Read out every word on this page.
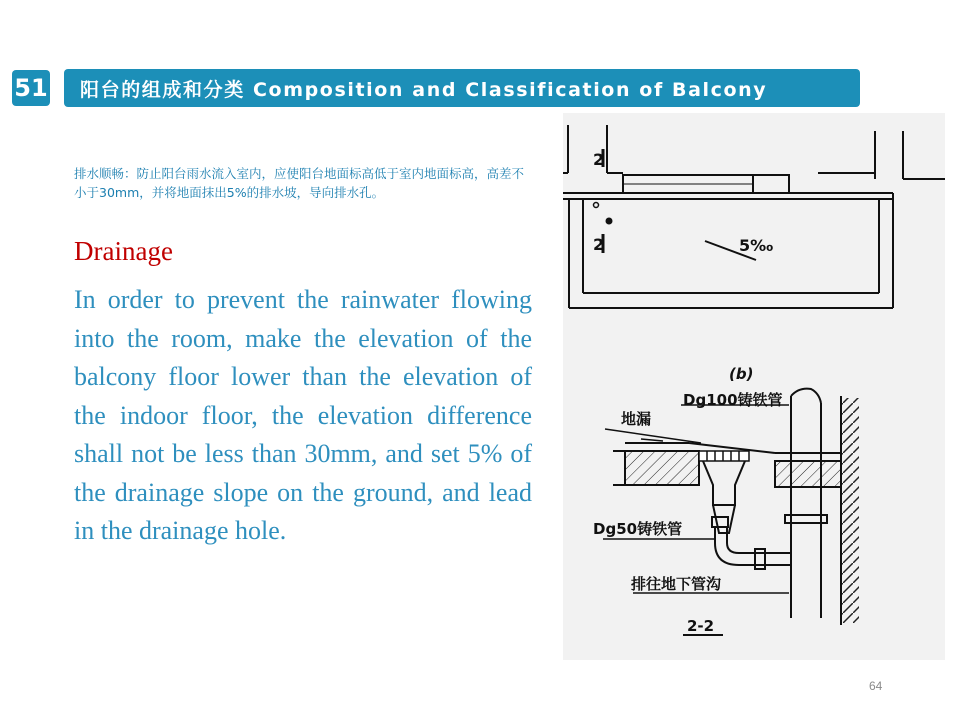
51	阳台的组成和分类 Composition and Classification of Balcony
排水顺畅：防止阳台雨水流入室内，应使阳台地面标高低于室内地面标高，高差不小于30mm，并将地面抹出5%的排水坡，导向排水孔。
Drainage
In order to prevent the rainwater flowing into the room, make the elevation of the balcony floor lower than the elevation of the indoor floor, the elevation difference shall not be less than 30mm, and set 5% of the drainage slope on the ground, and lead in the drainage hole.
2
2	5‰
(b)
地漏
Dg100铸铁管
Dg50铸铁管
排往地下管沟
2-2
64
